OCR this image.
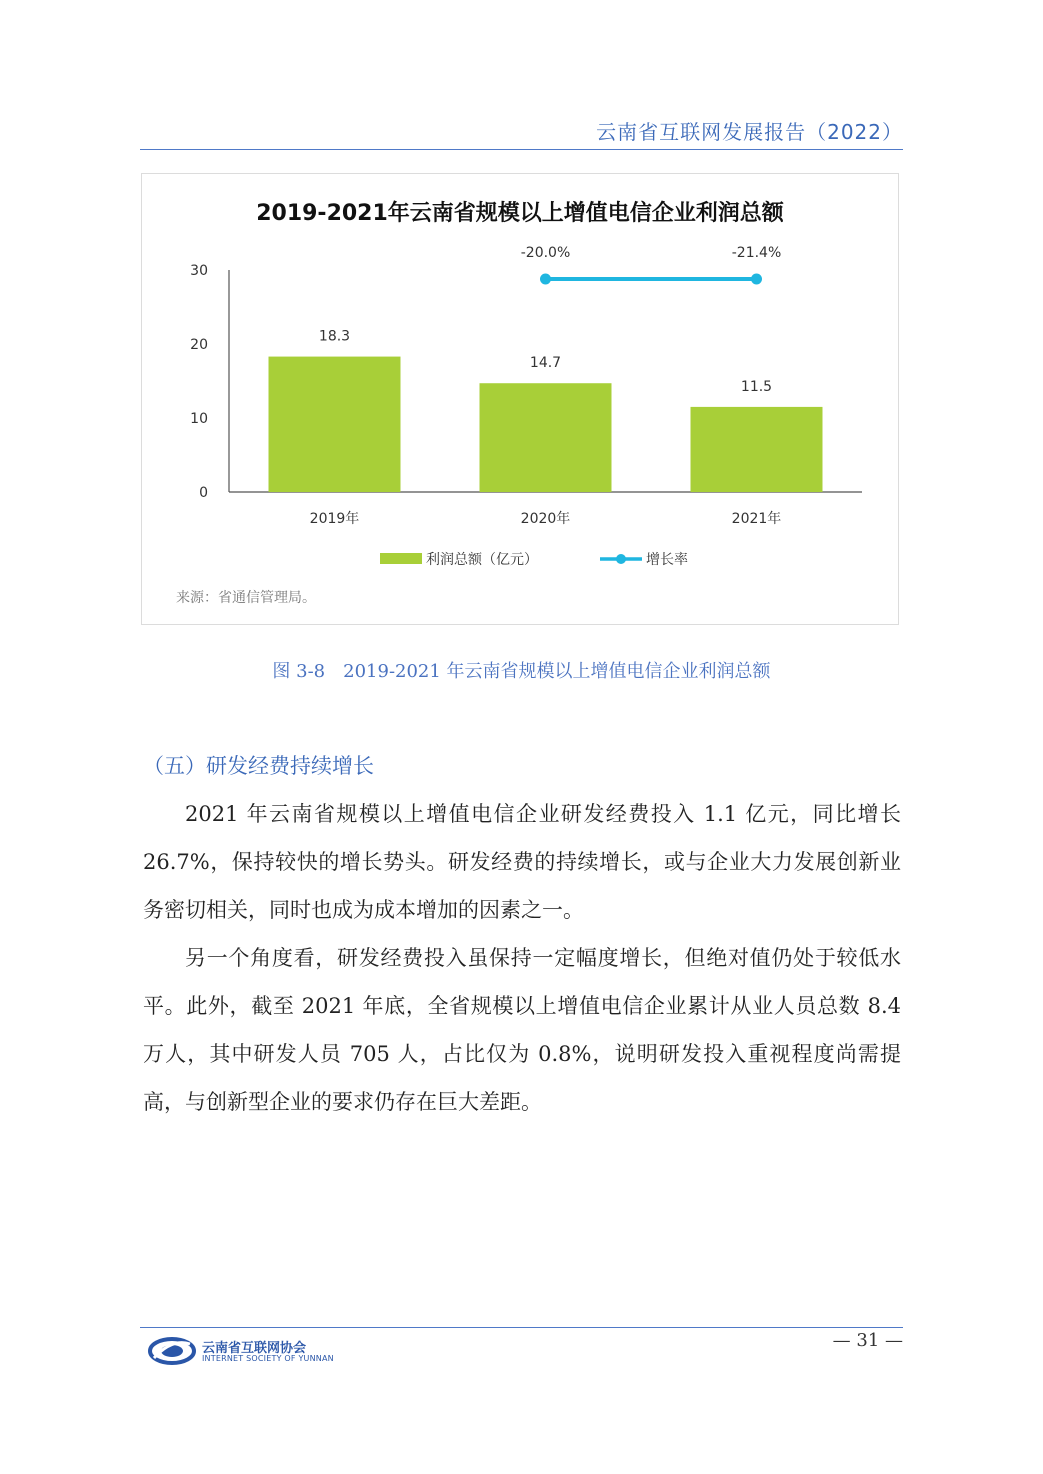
云南省互联网发展报告（2022）
0
10
20
30
18.3
2019年
14.7
2020年
11.5
2021年
-20.0%	-21.4%
利润总额（亿元）	增长率
2019-2021年云南省规模以上增值电信企业利润总额
来源：省通信管理局。
图 3-8　2019-2021 年云南省规模以上增值电信企业利润总额
（五）研发经费持续增长

2021 年云南省规模以上增值电信企业研发经费投入 1.1 亿元，同比增长 26.7%，保持较快的增长势头。研发经费的持续增长，或与企业大力发展创新业务密切相关，同时也成为成本增加的因素之一。

另一个角度看，研发经费投入虽保持一定幅度增长，但绝对值仍处于较低水平。此外，截至 2021 年底，全省规模以上增值电信企业累计从业人员总数 8.4 万人，其中研发人员 705 人，占比仅为 0.8%，说明研发投入重视程度尚需提高，与创新型企业的要求仍存在巨大差距。

云南省互联网协会
INTERNET SOCIETY OF YUNNAN
— 31 —
